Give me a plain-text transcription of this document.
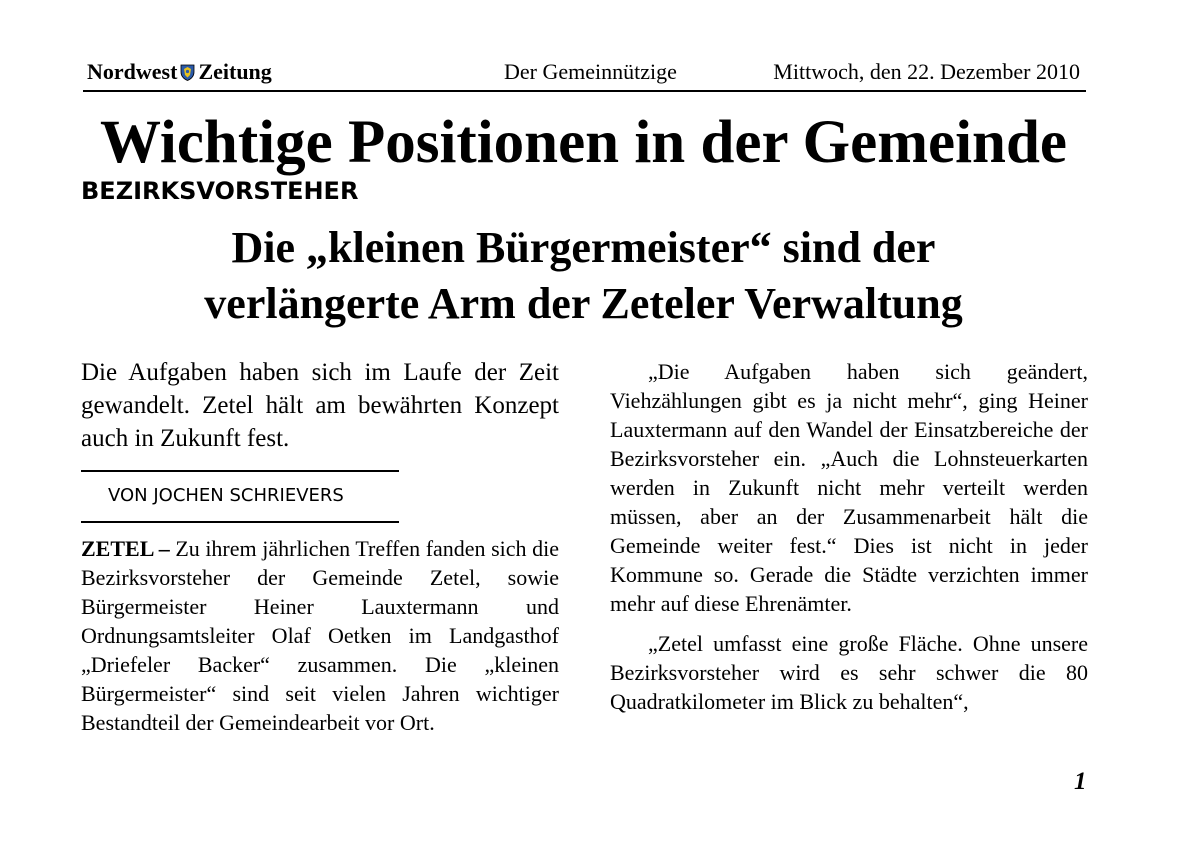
Nordwest Zeitung	Der Gemeinnützige	Mittwoch, den 22. Dezember 2010
Wichtige Positionen in der Gemeinde
BEZIRKSVORSTEHER
Die „kleinen Bürgermeister“ sind der
verlängerte Arm der Zeteler Verwaltung
Die Aufgaben haben sich im Laufe der Zeit gewandelt. Zetel hält am bewährten Konzept auch in Zukunft fest.
VON JOCHEN SCHRIEVERS

ZETEL – Zu ihrem jährlichen Treffen fanden sich die Bezirksvorsteher der Gemeinde Zetel, sowie Bürgermeister Heiner Lauxtermann und Ordnungsamtsleiter Olaf Oetken im Landgasthof „Driefeler Backer“ zusammen. Die „kleinen Bürgermeister“ sind seit vielen Jahren wichtiger Bestandteil der Gemeindearbeit vor Ort.

„Die Aufgaben haben sich geändert, Viehzählungen gibt es ja nicht mehr“, ging Heiner Lauxtermann auf den Wandel der Einsatzbereiche der Bezirksvorsteher ein. „Auch die Lohnsteuerkarten werden in Zukunft nicht mehr verteilt werden müssen, aber an der Zusammenarbeit hält die Gemeinde weiter fest.“ Dies ist nicht in jeder Kommune so. Gerade die Städte verzichten immer mehr auf diese Ehrenämter.

„Zetel umfasst eine große Fläche. Ohne unsere Bezirksvorsteher wird es sehr schwer die 80 Quadratkilometer im Blick zu behalten“,

1
